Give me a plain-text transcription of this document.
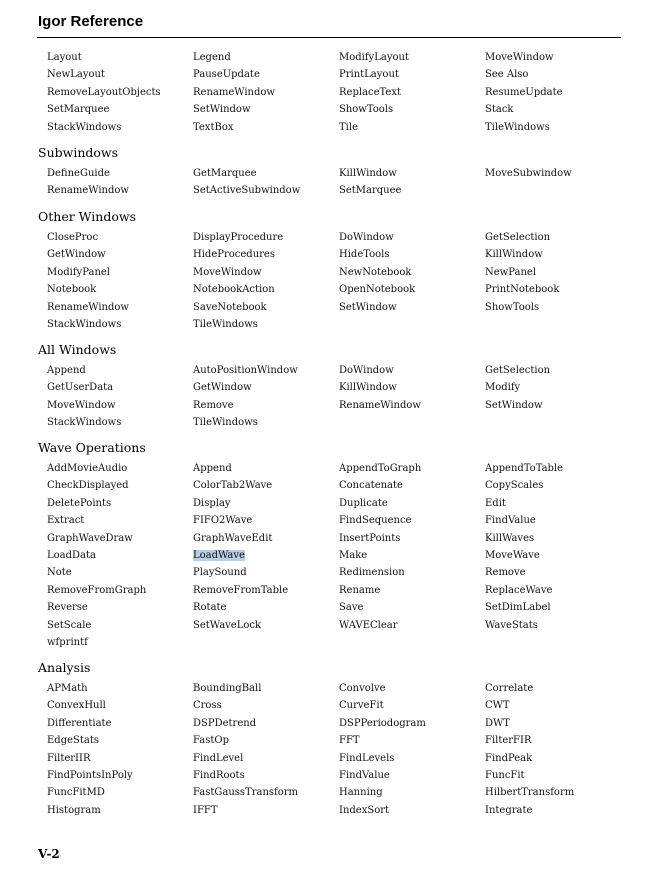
Igor Reference
Layout	Legend	ModifyLayout	MoveWindow
NewLayout	PauseUpdate	PrintLayout	See Also
RemoveLayoutObjects	RenameWindow	ReplaceText	ResumeUpdate
SetMarquee	SetWindow	ShowTools	Stack
StackWindows	TextBox	Tile	TileWindows
Subwindows
DefineGuide	GetMarquee	KillWindow	MoveSubwindow
RenameWindow	SetActiveSubwindow	SetMarquee
Other Windows
CloseProc	DisplayProcedure	DoWindow	GetSelection
GetWindow	HideProcedures	HideTools	KillWindow
ModifyPanel	MoveWindow	NewNotebook	NewPanel
Notebook	NotebookAction	OpenNotebook	PrintNotebook
RenameWindow	SaveNotebook	SetWindow	ShowTools
StackWindows	TileWindows
All Windows
Append	AutoPositionWindow	DoWindow	GetSelection
GetUserData	GetWindow	KillWindow	Modify
MoveWindow	Remove	RenameWindow	SetWindow
StackWindows	TileWindows
Wave Operations
AddMovieAudio	Append	AppendToGraph	AppendToTable
CheckDisplayed	ColorTab2Wave	Concatenate	CopyScales
DeletePoints	Display	Duplicate	Edit
Extract	FIFO2Wave	FindSequence	FindValue
GraphWaveDraw	GraphWaveEdit	InsertPoints	KillWaves
LoadData	LoadWave	Make	MoveWave
Note	PlaySound	Redimension	Remove
RemoveFromGraph	RemoveFromTable	Rename	ReplaceWave
Reverse	Rotate	Save	SetDimLabel
SetScale	SetWaveLock	WAVEClear	WaveStats
wfprintf
Analysis
APMath	BoundingBall	Convolve	Correlate
ConvexHull	Cross	CurveFit	CWT
Differentiate	DSPDetrend	DSPPeriodogram	DWT
EdgeStats	FastOp	FFT	FilterFIR
FilterIIR	FindLevel	FindLevels	FindPeak
FindPointsInPoly	FindRoots	FindValue	FuncFit
FuncFitMD	FastGaussTransform	Hanning	HilbertTransform
Histogram	IFFT	IndexSort	Integrate
V-2
